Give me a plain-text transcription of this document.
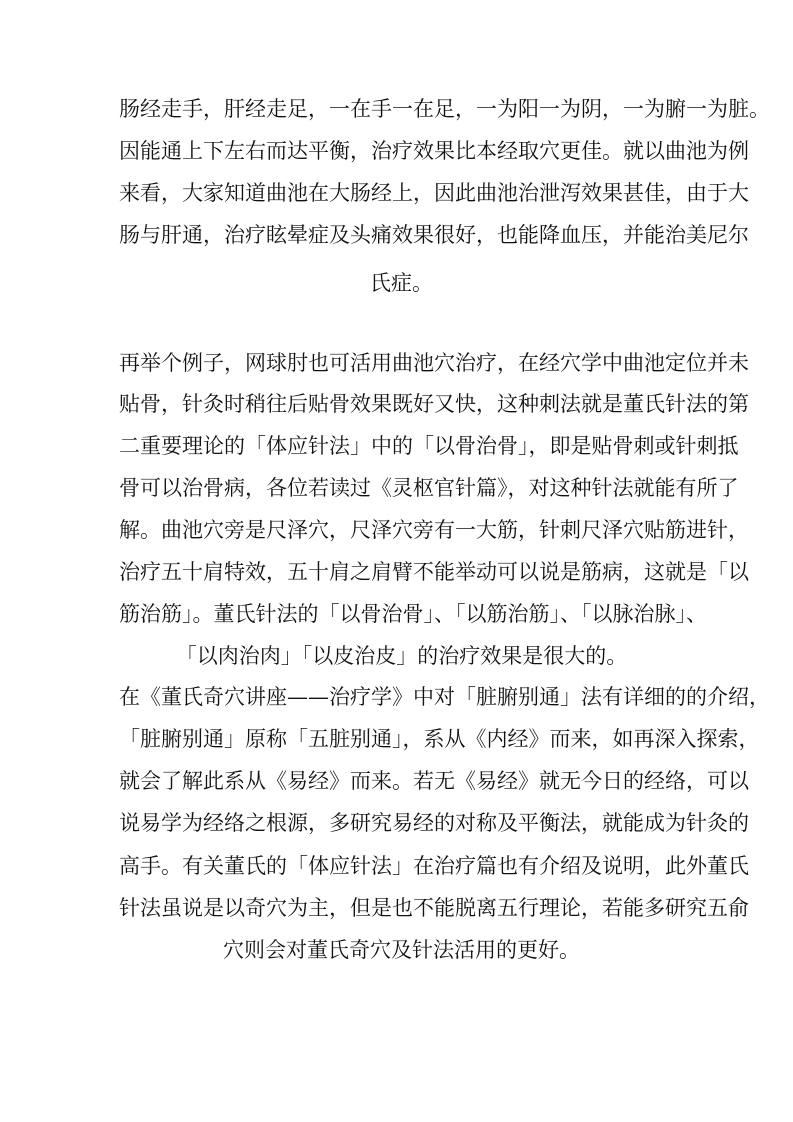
肠经走手，肝经走足，一在手一在足，一为阳一为阴，一为腑一为脏。
因能通上下左右而达平衡，治疗效果比本经取穴更佳。就以曲池为例
来看，大家知道曲池在大肠经上，因此曲池治泄泻效果甚佳，由于大
肠与肝通，治疗眩晕症及头痛效果很好，也能降血压，并能治美尼尔
氏症。
再举个例子，网球肘也可活用曲池穴治疗，在经穴学中曲池定位并未
贴骨，针灸时稍往后贴骨效果既好又快，这种刺法就是董氏针法的第
二重要理论的「体应针法」中的「以骨治骨」，即是贴骨刺或针刺抵
骨可以治骨病，各位若读过《灵枢官针篇》，对这种针法就能有所了
解。曲池穴旁是尺泽穴，尺泽穴旁有一大筋，针刺尺泽穴贴筋进针，
治疗五十肩特效，五十肩之肩臂不能举动可以说是筋病，这就是「以
筋治筋」。董氏针法的「以骨治骨」、「以筋治筋」、「以脉治脉」、
「以肉治肉」「以皮治皮」的治疗效果是很大的。
在《董氏奇穴讲座——治疗学》中对「脏腑别通」法有详细的的介绍，
「脏腑别通」原称「五脏别通」，系从《内经》而来，如再深入探索，
就会了解此系从《易经》而来。若无《易经》就无今日的经络，可以
说易学为经络之根源，多研究易经的对称及平衡法，就能成为针灸的
高手。有关董氏的「体应针法」在治疗篇也有介绍及说明，此外董氏
针法虽说是以奇穴为主，但是也不能脱离五行理论，若能多研究五俞
穴则会对董氏奇穴及针法活用的更好。
